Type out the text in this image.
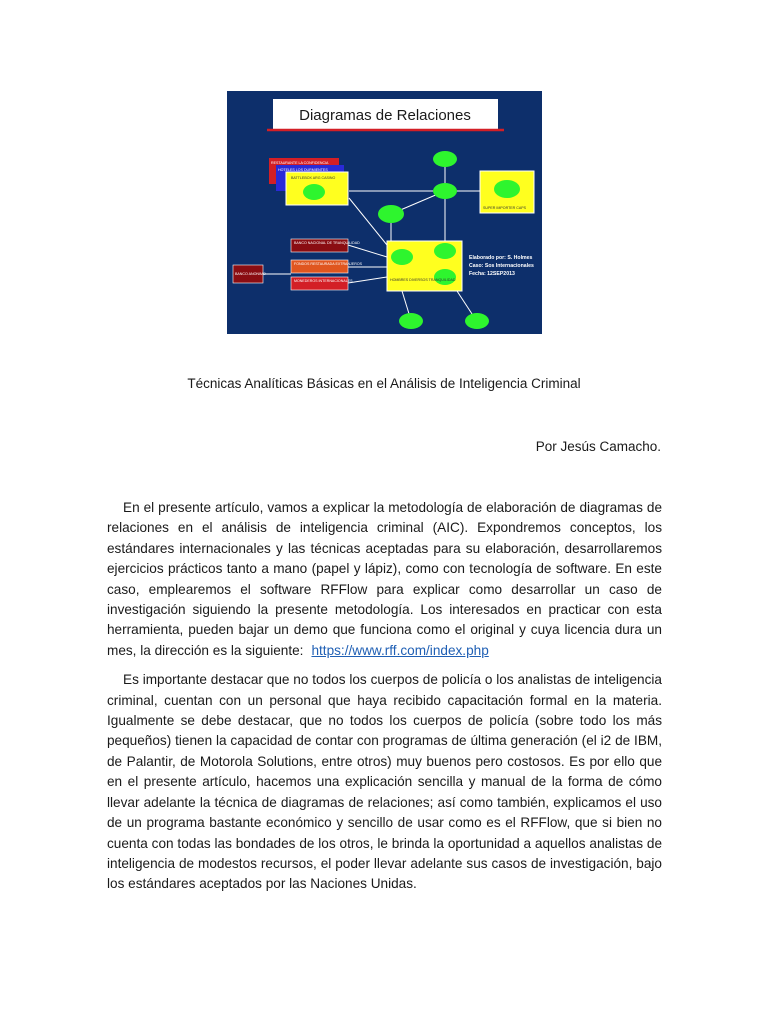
Diagramas de Relaciones
RESTAURANTE LA CONFIDENCIA
HOTELES LOS DURMIENTES
BATTLEBOX ARG CASINO
SUPER IMPORTER CAPS
BANCO NACIONAL DE TRANQUILIDAD
FONDOS RESTAURADA EXTRANJEROS
MONEDEROS INTERNACIONALES
BANCO ANONIMO
HOMBRES DIVERSOS TRANQUILIDAD
Elaborado por: S. Holmes
Caso: Sos Internacionales
Fecha: 12SEP2013
Técnicas Analíticas Básicas en el Análisis de Inteligencia Criminal

Por Jesús Camacho.

En el presente artículo, vamos a explicar la metodología de elaboración de diagramas de relaciones en el análisis de inteligencia criminal (AIC). Expondremos conceptos, los estándares internacionales y las técnicas aceptadas para su elaboración, desarrollaremos ejercicios prácticos tanto a mano (papel y lápiz), como con tecnología de software. En este caso, emplearemos el software RFFlow para explicar como desarrollar un caso de investigación siguiendo la presente metodología. Los interesados en practicar con esta herramienta, pueden bajar un demo que funciona como el original y cuya licencia dura un mes, la dirección es la siguiente: https://www.rff.com/index.php

Es importante destacar que no todos los cuerpos de policía o los analistas de inteligencia criminal, cuentan con un personal que haya recibido capacitación formal en la materia. Igualmente se debe destacar, que no todos los cuerpos de policía (sobre todo los más pequeños) tienen la capacidad de contar con programas de última generación (el i2 de IBM, de Palantir, de Motorola Solutions, entre otros) muy buenos pero costosos. Es por ello que en el presente artículo, hacemos una explicación sencilla y manual de la forma de cómo llevar adelante la técnica de diagramas de relaciones; así como también, explicamos el uso de un programa bastante económico y sencillo de usar como es el RFFlow, que si bien no cuenta con todas las bondades de los otros, le brinda la oportunidad a aquellos analistas de inteligencia de modestos recursos, el poder llevar adelante sus casos de investigación, bajo los estándares aceptados por las Naciones Unidas.
